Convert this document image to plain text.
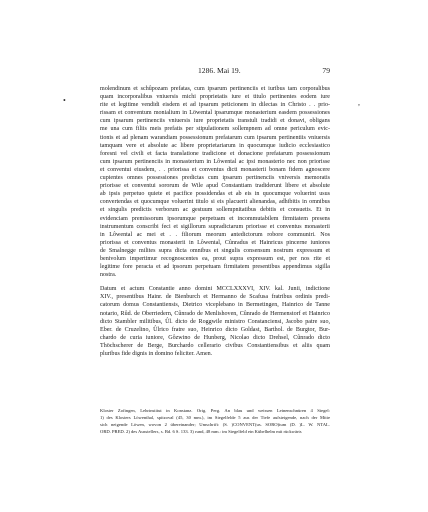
1286. Mai 19.	79
•	,
molendinum et schûpozam prefatas, cum ipsarum pertinenciis et iuribus tam corporalibus
quam incorporalibus vniuersis michi proprietatis iure et titulo pertinentes eodem iure
rite et legitime vendidi eisdem et ad ipsarum peticionem in dilectas in Christo . . prio-
rissam et conventum monialium in Löwental ipsarumque monasterium easdem possessiones
cum ipsarum pertinenciis vniuersis iure proprietatis transtuli tradidi et donavi, obligans
me una cum filiis meis prefatis per stipulationem sollempnem ad omne periculum evic-
tionis et ad plenam warandiam possessionum prefatarum cum ipsarum pertinentiis vniuersis
tamquam vere et absolute ac libere proprietariarum in quocumque iudicio ecclesiastico
foresni vel civili et facta translatione tradicione et donacione prefatarum possessionum
cum ipsarum pertinenciis in monasterium in Lôwental ac ipsi monasterio nec non priorisse
et conventui eiusdem, . . priorissa et conventus dicti monasterii bonam fidem agnoscere
cupientes omnes possessiones predictas cum ipsarum pertinenciis vniversis memoratis
priorisse et conventui sororum de Wile apud Constantiam tradiderunt libere et absolute
ab ipsis perpetuo quiete et pacifice possidendas et ab eis in quocumque voluerint usus
convertendas et quocumque voluerint titulo si eis placuerit alienandas, adhibitis in omnibus
et singulis predictis verborum ac gestuum sollempnitatibus debitis et consuetis. Et in
evidenciam premissorum ipsorumque perpetuam et incommutabilem firmitatem presens
instrumentum conscribi feci et sigillorum supradictarum priorisse et conventus monasterii
in Lôwental ac mei et . . filiorum meorum antedictorum robore communiri. Nos
priorissa et conventus monasterii in Lôwental, Cûnradus et Hainricus pincerne iuniores
de Smalnegge milites supra dicta omnibus et singulis consensum nostrum expressum et
benivolum impertimur recognoscentes ea, prout supra expressum est, per nos rite et
legitime fore peracta et ad ipsorum perpetuam firmitatem presentibus appendimus sigilla
nostra.
Datum et actum Constantie anno domini MCCLXXXVI, XIV. kal. Junii, indictione
XIV., presentibus Hainr. de Bienburch et Hermanno de Scafusa fratribus ordinis predi-
catorum domus Constantiensis, Dietrico viceplebano in Bermetingen, Hainrico de Tanne
notario, Rûd. de Oberriedern, Cûnrado de Menlishoven, Cûnrado de Hermenstorf et Hainrico
dicto Stambler militibus, Ûl. dicto de Roggwile ministro Constanciensi, Jacobo patre suo,
Eber. de Cruzelino, Ûlrico fratre suo, Heinrico dicto Goldast, Barthol. de Burgtor, Bur-
chardo de curia iuniore, Gôzwino de Hunberg, Nicolao dicto Drehsel, Cûnrado dicto
Thöchscherer de Berge, Burchardo cellerario civibus Constantiensibus et aliis quam
pluribus fide dignis in domino feliciter. Amen.
Kloster Zofingen, Lehrinstitut in Konstanz. Orig. Perg. An blau und weissen Leinenschnüren 4 Siegel:
1) des Klosters Löwenthal, spitzoval (45, 30 mm.), im Siegelfelde 5 aus der Tiefe aufsteigende, nach der Mitte
sich neigende Löwen, wovon 2 übereinander; Umschrift: (S. )CONVENT(us. SORO)ium (D. )L. W. NTAL.
ORD. PRED. 2) des Ausstellers, s. Bd. 6 S. 133. 3) rund, 48 mm.: im Siegelfeld ein Kübelhelm mit rückwärts
